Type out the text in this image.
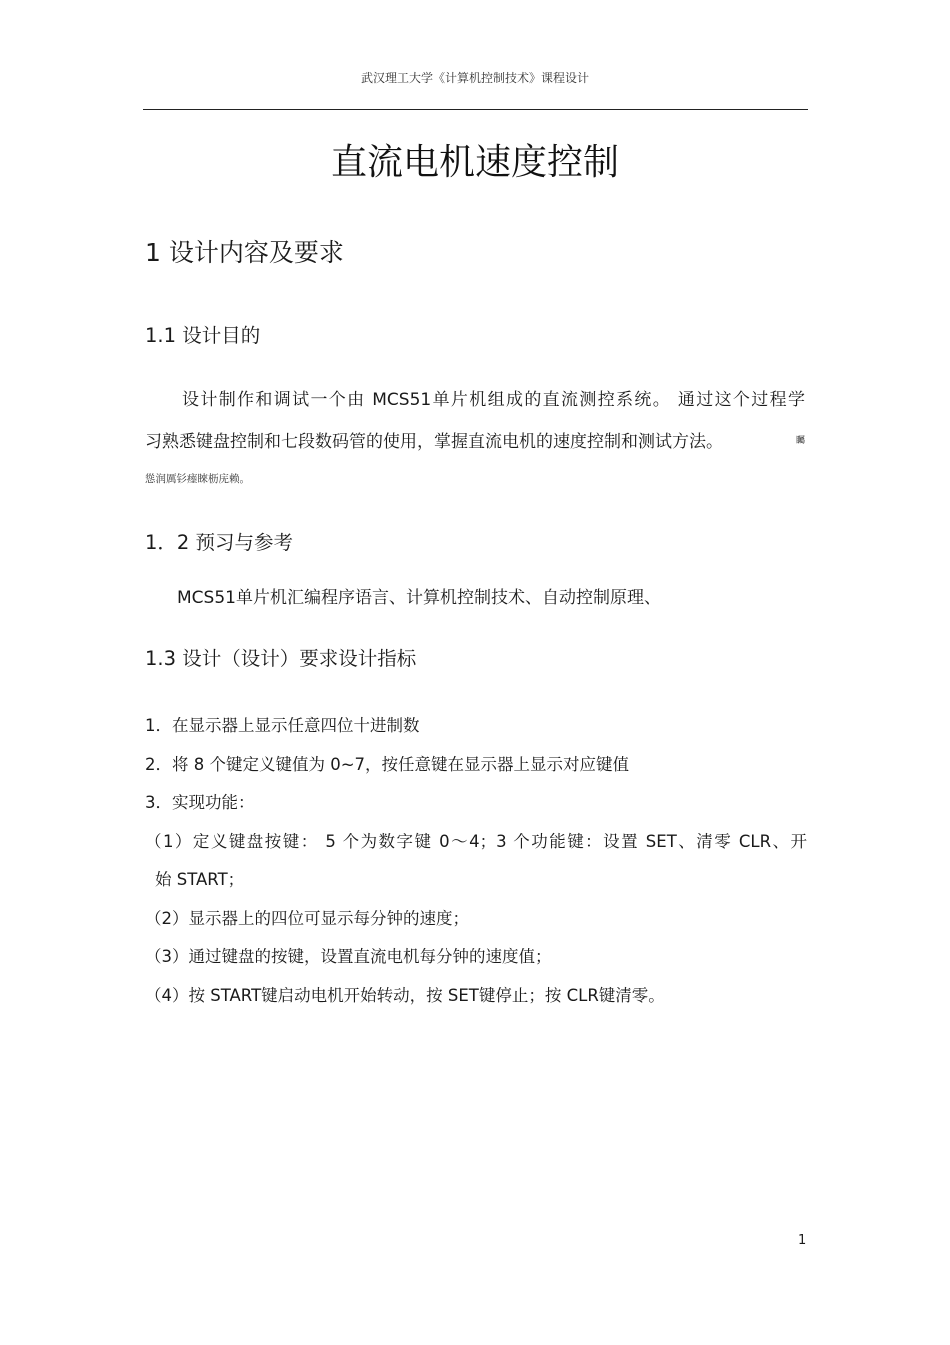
武汉理工大学《计算机控制技术》课程设计
直流电机速度控制
1 设计内容及要求
1.1 设计目的
设计制作和调试一个由 MCS51单片机组成的直流测控系统。 通过这个过程学
习熟悉键盘控制和七段数码管的使用，掌握直流电机的速度控制和测试方法。	矚
慫润厲钐瘗睞枥庑赖。
1．2 预习与参考
MCS51单片机汇编程序语言、计算机控制技术、自动控制原理、
1.3 设计（设计）要求设计指标
1．在显示器上显示任意四位十进制数
2．将 8 个键定义键值为 0~7，按任意键在显示器上显示对应键值
3．实现功能：
（1）定义键盘按键： 5 个为数字键 0～4；3 个功能键：设置 SET、清零 CLR、开
始 START；
（2）显示器上的四位可显示每分钟的速度；
（3）通过键盘的按键，设置直流电机每分钟的速度值；
（4）按 START键启动电机开始转动，按 SET键停止；按 CLR键清零。
1
